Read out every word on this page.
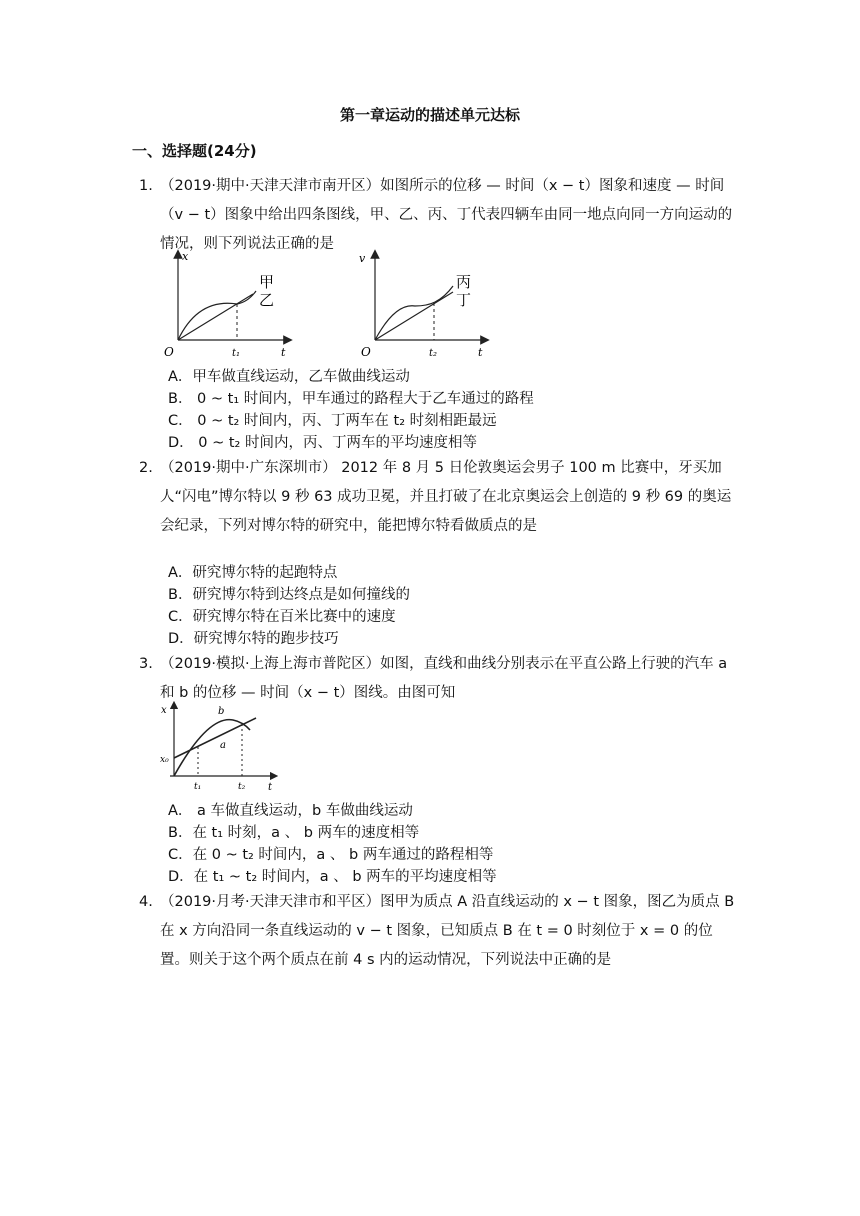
第一章运动的描述单元达标
一、选择题(24分)
1. （2019·期中·天津天津市南开区）如图所示的位移 — 时间（x − t）图象和速度 — 时间（v − t）图象中给出四条图线，甲、乙、丙、丁代表四辆车由同一地点向同一方向运动的情况，则下列说法正确的是
x
t
O	t₁
甲
乙
v
t
O	t₂
丙
丁
A．甲车做直线运动，乙车做曲线运动
B． 0 ~ t₁ 时间内，甲车通过的路程大于乙车通过的路程
C． 0 ~ t₂ 时间内，丙、丁两车在 t₂ 时刻相距最远
D． 0 ~ t₂ 时间内，丙、丁两车的平均速度相等
2. （2019·期中·广东深圳市） 2012 年 8 月 5 日伦敦奥运会男子 100 m 比赛中，牙买加人“闪电”博尔特以 9 秒 63 成功卫冕，并且打破了在北京奥运会上创造的 9 秒 69 的奥运会纪录，下列对博尔特的研究中，能把博尔特看做质点的是
A．研究博尔特的起跑特点
B．研究博尔特到达终点是如何撞线的
C．研究博尔特在百米比赛中的速度
D．研究博尔特的跑步技巧
3. （2019·模拟·上海上海市普陀区）如图，直线和曲线分别表示在平直公路上行驶的汽车 a 和 b 的位移 — 时间（x − t）图线。由图可知
x
t
x₀
t₁	t₂
b
a
A． a 车做直线运动，b 车做曲线运动
B．在 t₁ 时刻，a 、 b 两车的速度相等
C．在 0 ~ t₂ 时间内，a 、 b 两车通过的路程相等
D．在 t₁ ~ t₂ 时间内，a 、 b 两车的平均速度相等
4. （2019·月考·天津天津市和平区）图甲为质点 A 沿直线运动的 x − t 图象，图乙为质点 B 在 x 方向沿同一条直线运动的 v − t 图象，已知质点 B 在 t = 0 时刻位于 x = 0 的位置。则关于这个两个质点在前 4 s 内的运动情况，下列说法中正确的是
